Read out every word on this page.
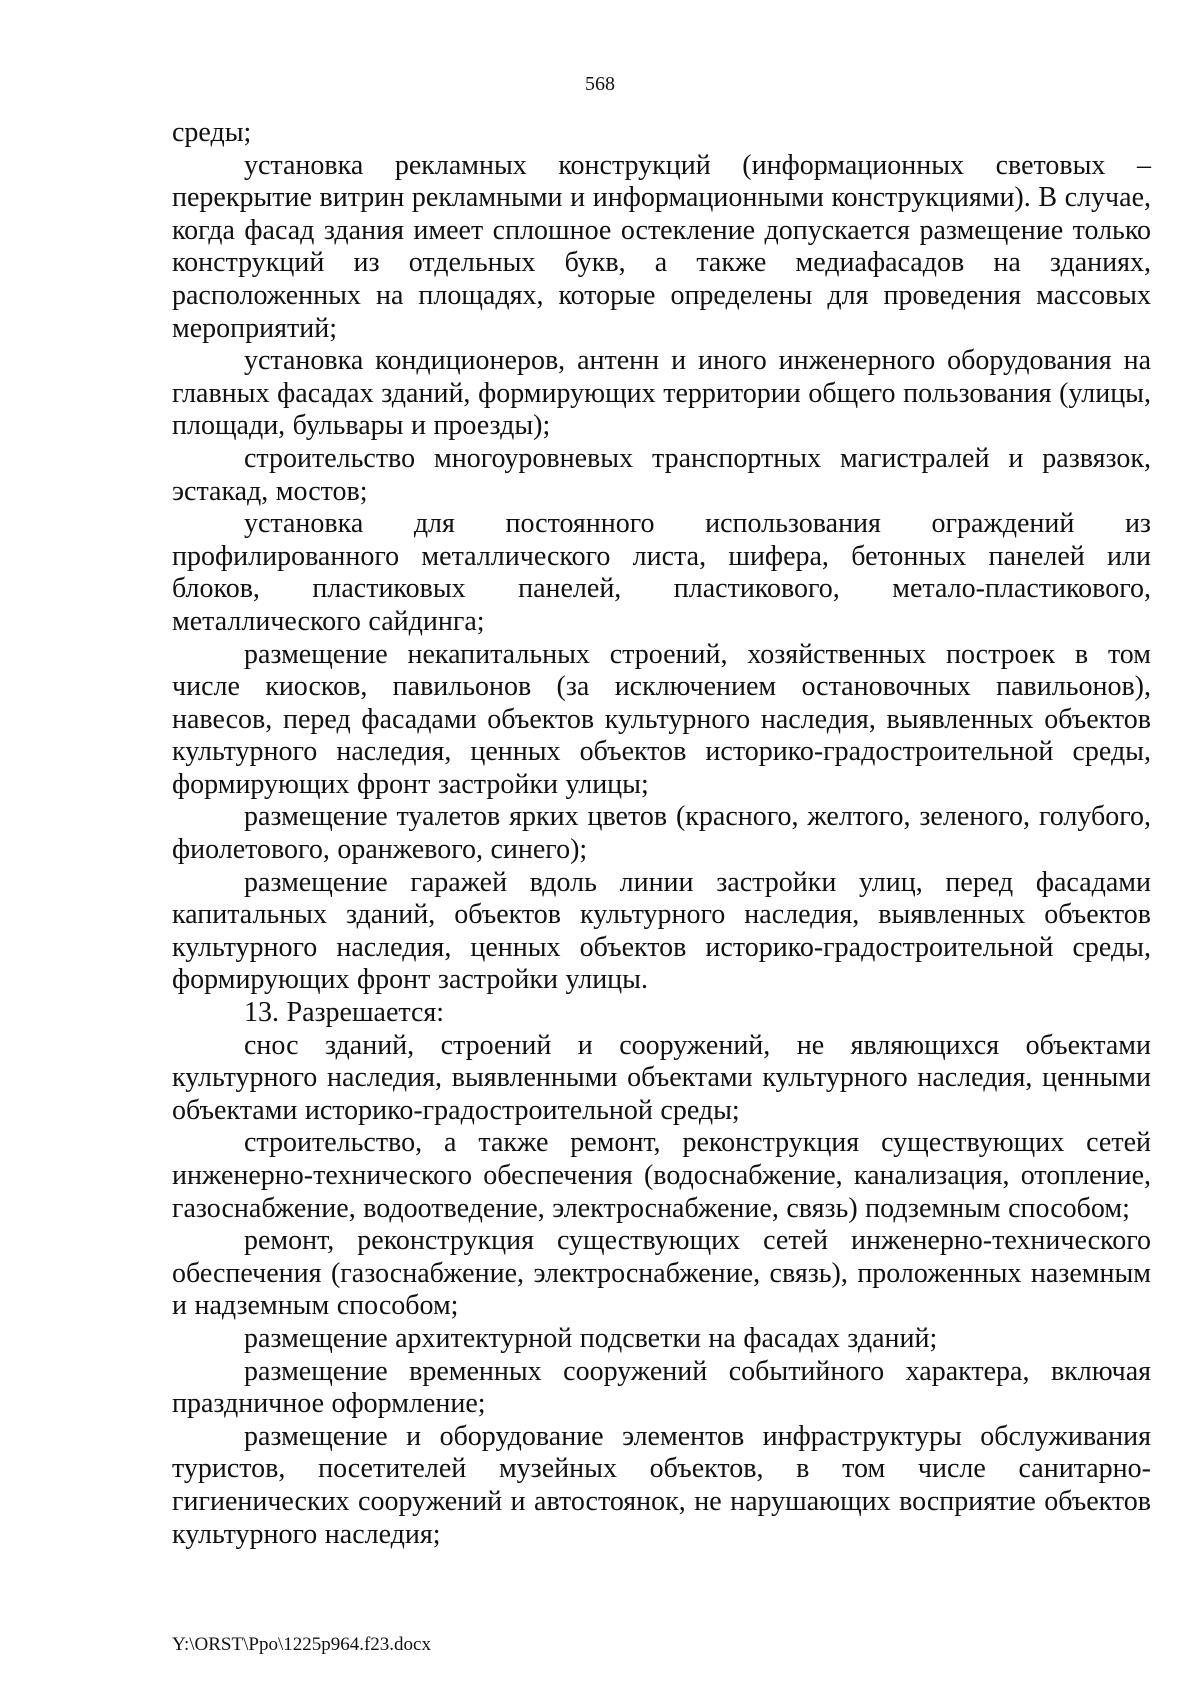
568

среды;

установка рекламных конструкций (информационных световых – перекрытие витрин рекламными и информационными конструкциями). В случае, когда фасад здания имеет сплошное остекление допускается размещение только конструкций из отдельных букв, а также медиафасадов на зданиях, расположенных на площадях, которые определены для проведения массовых мероприятий;

установка кондиционеров, антенн и иного инженерного оборудования на главных фасадах зданий, формирующих территории общего пользования (улицы, площади, бульвары и проезды);

строительство многоуровневых транспортных магистралей и развязок, эстакад, мостов;

установка для постоянного использования ограждений из профилированного металлического листа, шифера, бетонных панелей или блоков, пластиковых панелей, пластикового, метало-пластикового, металлического сайдинга;

размещение некапитальных строений, хозяйственных построек в том числе киосков, павильонов (за исключением остановочных павильонов), навесов, перед фасадами объектов культурного наследия, выявленных объектов культурного наследия, ценных объектов историко-градостроительной среды, формирующих фронт застройки улицы;

размещение туалетов ярких цветов (красного, желтого, зеленого, голубого, фиолетового, оранжевого, синего);

размещение гаражей вдоль линии застройки улиц, перед фасадами капитальных зданий, объектов культурного наследия, выявленных объектов культурного наследия, ценных объектов историко-градостроительной среды, формирующих фронт застройки улицы.

13. Разрешается:

снос зданий, строений и сооружений, не являющихся объектами культурного наследия, выявленными объектами культурного наследия, ценными объектами историко-градостроительной среды;

строительство, а также ремонт, реконструкция существующих сетей инженерно-технического обеспечения (водоснабжение, канализация, отопление, газоснабжение, водоотведение, электроснабжение, связь) подземным способом;

ремонт, реконструкция существующих сетей инженерно-технического обеспечения (газоснабжение, электроснабжение, связь), проложенных наземным и надземным способом;

размещение архитектурной подсветки на фасадах зданий;

размещение временных сооружений событийного характера, включая праздничное оформление;

размещение и оборудование элементов инфраструктуры обслуживания туристов, посетителей музейных объектов, в том числе санитарно-гигиенических сооружений и автостоянок, не нарушающих восприятие объектов культурного наследия;

Y:\ORST\Ppo\1225p964.f23.docx
